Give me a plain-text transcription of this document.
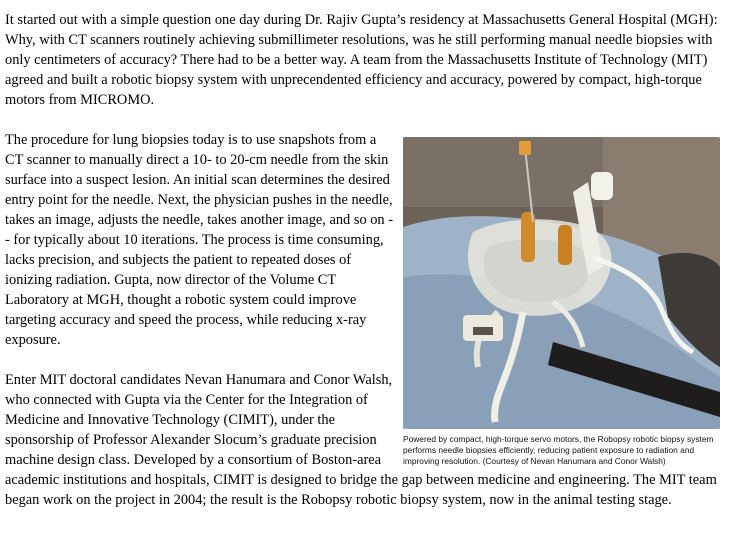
It started out with a simple question one day during Dr. Rajiv Gupta’s residency at Massachusetts General Hospital (MGH): Why, with CT scanners routinely achieving submillimeter resolutions, was he still performing manual needle biopsies with only centimeters of accuracy? There had to be a better way. A team from the Massachusetts Institute of Technology (MIT) agreed and built a robotic biopsy system with unprecendented efficiency and accuracy, powered by compact, high-torque motors from MICROMO.

Powered by compact, high-torque servo motors, the Robopsy robotic biopsy system performs needle biopsies efficiently, reducing patient exposure to radiation and improving resolution. (Courtesy of Nevan Hanumara and Conor Walsh)

The procedure for lung biopsies today is to use snapshots from a CT scanner to manually direct a 10- to 20-cm needle from the skin surface into a suspect lesion. An initial scan determines the desired entry point for the needle. Next, the physician pushes in the needle, takes an image, adjusts the needle, takes another image, and so on -- for typically about 10 iterations. The process is time consuming, lacks precision, and subjects the patient to repeated doses of ionizing radiation. Gupta, now director of the Volume CT Laboratory at MGH, thought a robotic system could improve targeting accuracy and speed the process, while reducing x-ray exposure.

Enter MIT doctoral candidates Nevan Hanumara and Conor Walsh, who connected with Gupta via the Center for the Integration of Medicine and Innovative Technology (CIMIT), under the sponsorship of Professor Alexander Slocum’s graduate precision machine design class. Developed by a consortium of Boston-area academic institutions and hospitals, CIMIT is designed to bridge the gap between medicine and engineering. The MIT team began work on the project in 2004; the result is the Robopsy robotic biopsy system, now in the animal testing stage.
